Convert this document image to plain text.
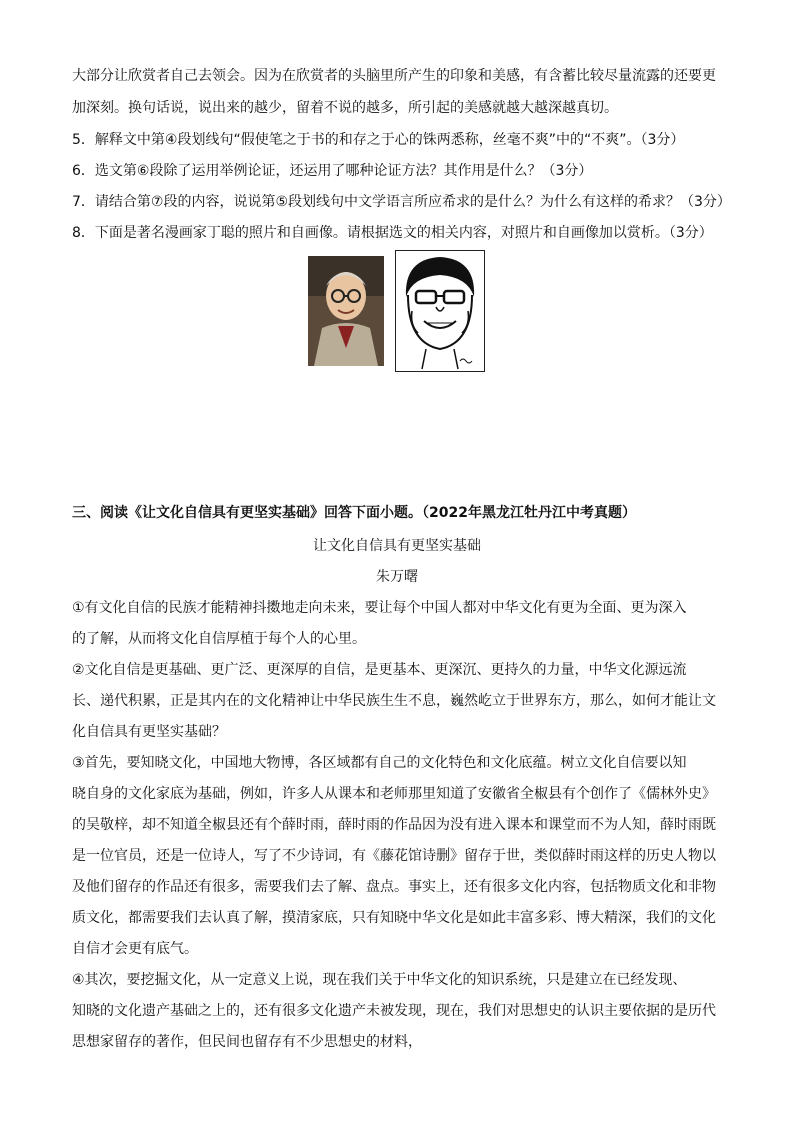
大部分让欣赏者自己去领会。因为在欣赏者的头脑里所产生的印象和美感，有含蓄比较尽量流露的还要更
加深刻。换句话说，说出来的越少，留着不说的越多，所引起的美感就越大越深越真切。
5．解释文中第④段划线句“假使笔之于书的和存之于心的铢两悉称，丝毫不爽”中的“不爽”。（3分）
6．选文第⑥段除了运用举例论证，还运用了哪种论证方法？其作用是什么？（3分）
7．请结合第⑦段的内容，说说第⑤段划线句中文学语言所应希求的是什么？为什么有这样的希求？（3分）
8．下面是著名漫画家丁聪的照片和自画像。请根据选文的相关内容，对照片和自画像加以赏析。（3分）
三、阅读《让文化自信具有更坚实基础》回答下面小题。（2022年黑龙江牡丹江中考真题）
让文化自信具有更坚实基础
朱万曙
①有文化自信的民族才能精神抖擞地走向未来，要让每个中国人都对中华文化有更为全面、更为深入
的了解，从而将文化自信厚植于每个人的心里。
②文化自信是更基础、更广泛、更深厚的自信，是更基本、更深沉、更持久的力量，中华文化源远流
长、递代积累，正是其内在的文化精神让中华民族生生不息，巍然屹立于世界东方，那么，如何才能让文
化自信具有更坚实基础？
③首先，要知晓文化，中国地大物博，各区域都有自己的文化特色和文化底蕴。树立文化自信要以知
晓自身的文化家底为基础，例如，许多人从课本和老师那里知道了安徽省全椒县有个创作了《儒林外史》
的吴敬梓，却不知道全椒县还有个薛时雨，薛时雨的作品因为没有进入课本和课堂而不为人知，薛时雨既
是一位官员，还是一位诗人，写了不少诗词，有《藤花馆诗删》留存于世，类似薛时雨这样的历史人物以
及他们留存的作品还有很多，需要我们去了解、盘点。事实上，还有很多文化内容，包括物质文化和非物
质文化，都需要我们去认真了解，摸清家底，只有知晓中华文化是如此丰富多彩、博大精深，我们的文化
自信才会更有底气。
④其次，要挖掘文化，从一定意义上说，现在我们关于中华文化的知识系统，只是建立在已经发现、
知晓的文化遗产基础之上的，还有很多文化遗产未被发现，现在，我们对思想史的认识主要依据的是历代
思想家留存的著作，但民间也留存有不少思想史的材料，
